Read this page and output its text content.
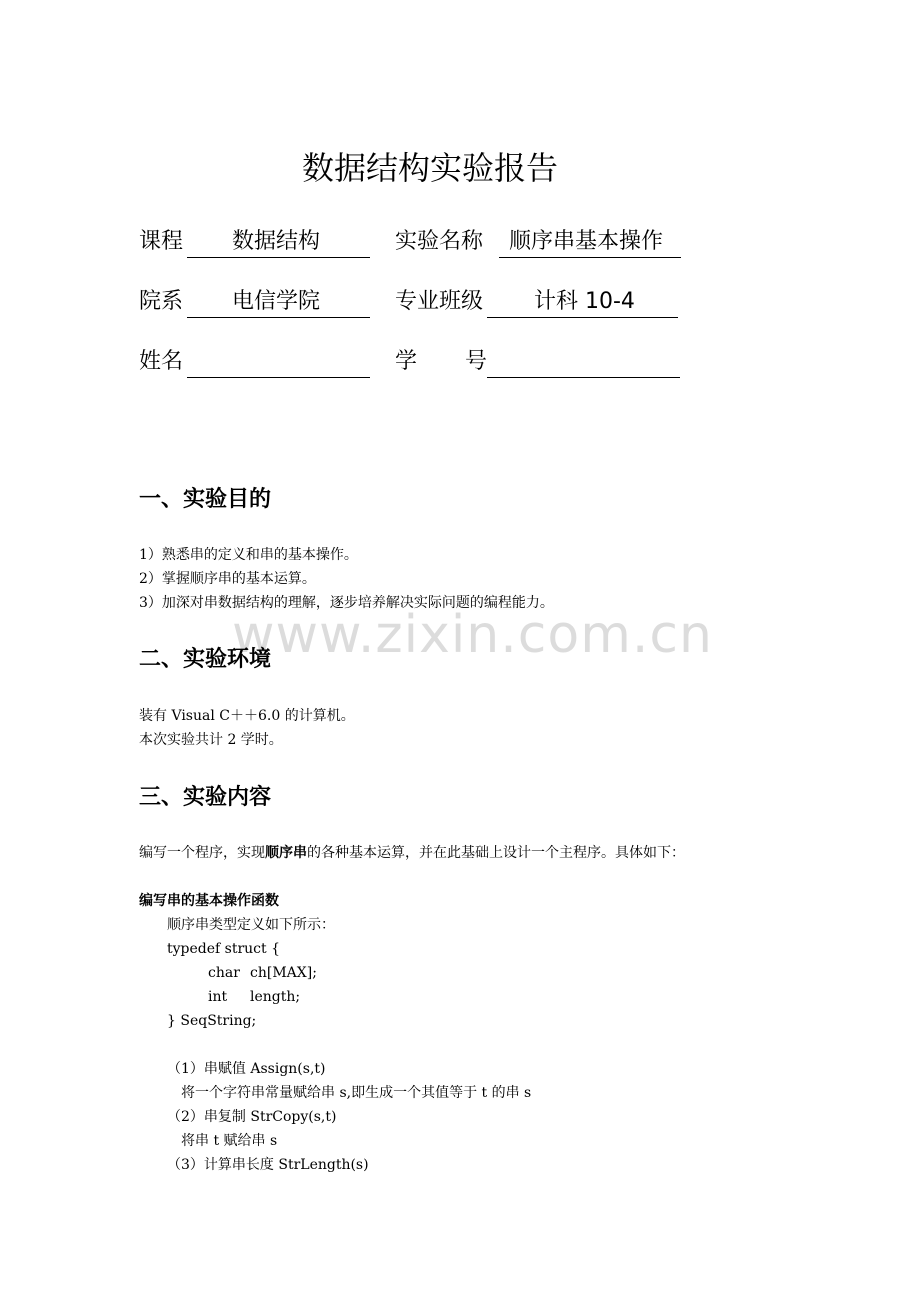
数据结构实验报告
课程 数据结构	实验名称 顺序串基本操作
院系 电信学院	专业班级 计科 10-4
姓名	学 号
一、实验目的
1）熟悉串的定义和串的基本操作。
2）掌握顺序串的基本运算。
3）加深对串数据结构的理解，逐步培养解决实际问题的编程能力。
www.zixin.com.cn
二、实验环境
装有 Visual C＋＋6.0 的计算机。
本次实验共计 2 学时。
三、实验内容
编写一个程序，实现顺序串的各种基本运算，并在此基础上设计一个主程序。具体如下：
编写串的基本操作函数
顺序串类型定义如下所示：
typedef struct {
char ch[MAX];
int length;
} SeqString;
（1）串赋值 Assign(s,t)
将一个字符串常量赋给串 s,即生成一个其值等于 t 的串 s
（2）串复制 StrCopy(s,t)
将串 t 赋给串 s
（3）计算串长度 StrLength(s)
